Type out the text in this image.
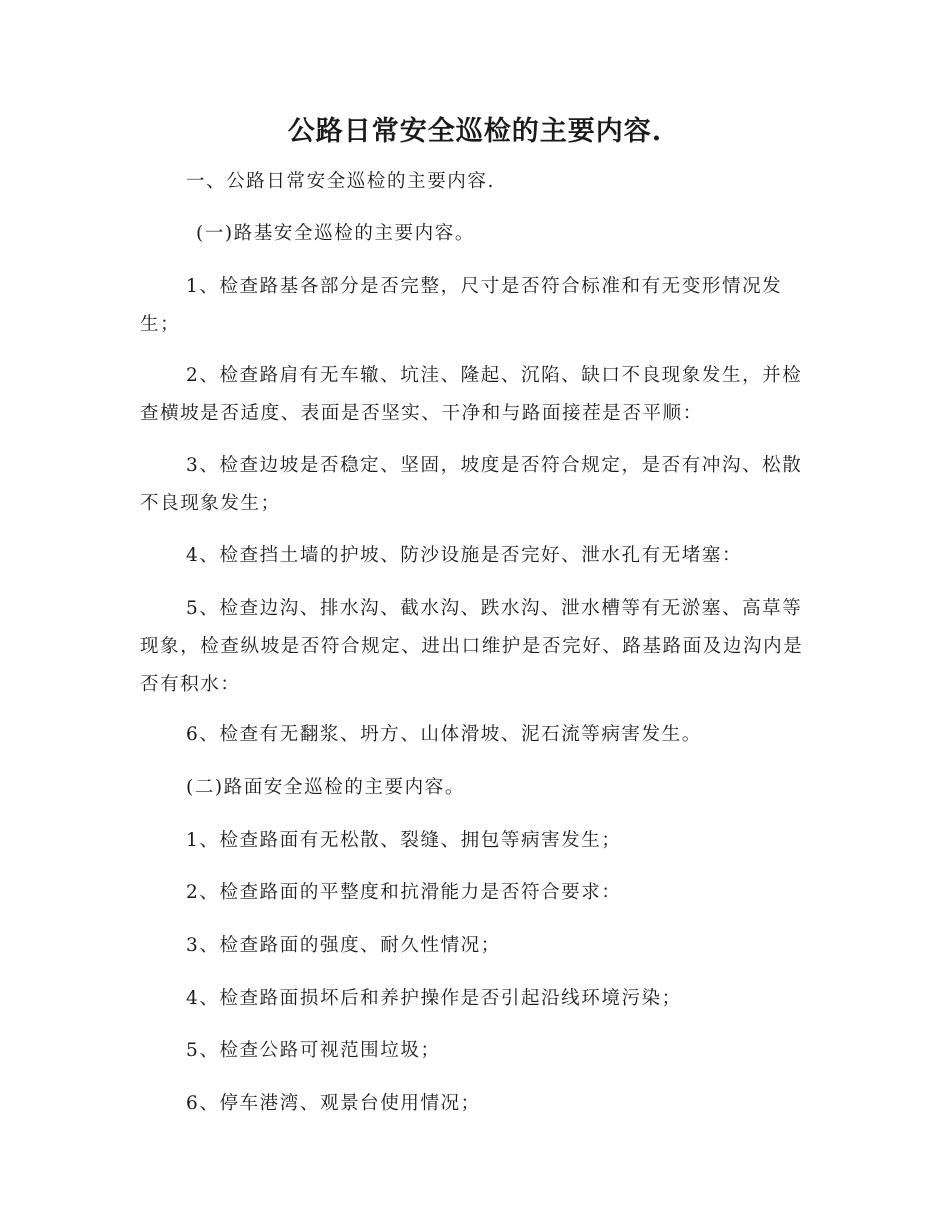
公路日常安全巡检的主要内容.

一、公路日常安全巡检的主要内容.

(一)路基安全巡检的主要内容。

1、检查路基各部分是否完整，尺寸是否符合标准和有无变形情况发生；

2、检查路肩有无车辙、坑洼、隆起、沉陷、缺口不良现象发生，并检查横坡是否适度、表面是否坚实、干净和与路面接茬是否平顺：

3、检查边坡是否稳定、坚固，坡度是否符合规定，是否有冲沟、松散不良现象发生；

4、检查挡土墙的护坡、防沙设施是否完好、泄水孔有无堵塞：

5、检查边沟、排水沟、截水沟、跌水沟、泄水槽等有无淤塞、高草等现象，检查纵坡是否符合规定、进出口维护是否完好、路基路面及边沟内是否有积水：

6、检查有无翻浆、坍方、山体滑坡、泥石流等病害发生。

(二)路面安全巡检的主要内容。

1、检查路面有无松散、裂缝、拥包等病害发生；

2、检查路面的平整度和抗滑能力是否符合要求：

3、检查路面的强度、耐久性情况；

4、检查路面损坏后和养护操作是否引起沿线环境污染；

5、检查公路可视范围垃圾；

6、停车港湾、观景台使用情况；
